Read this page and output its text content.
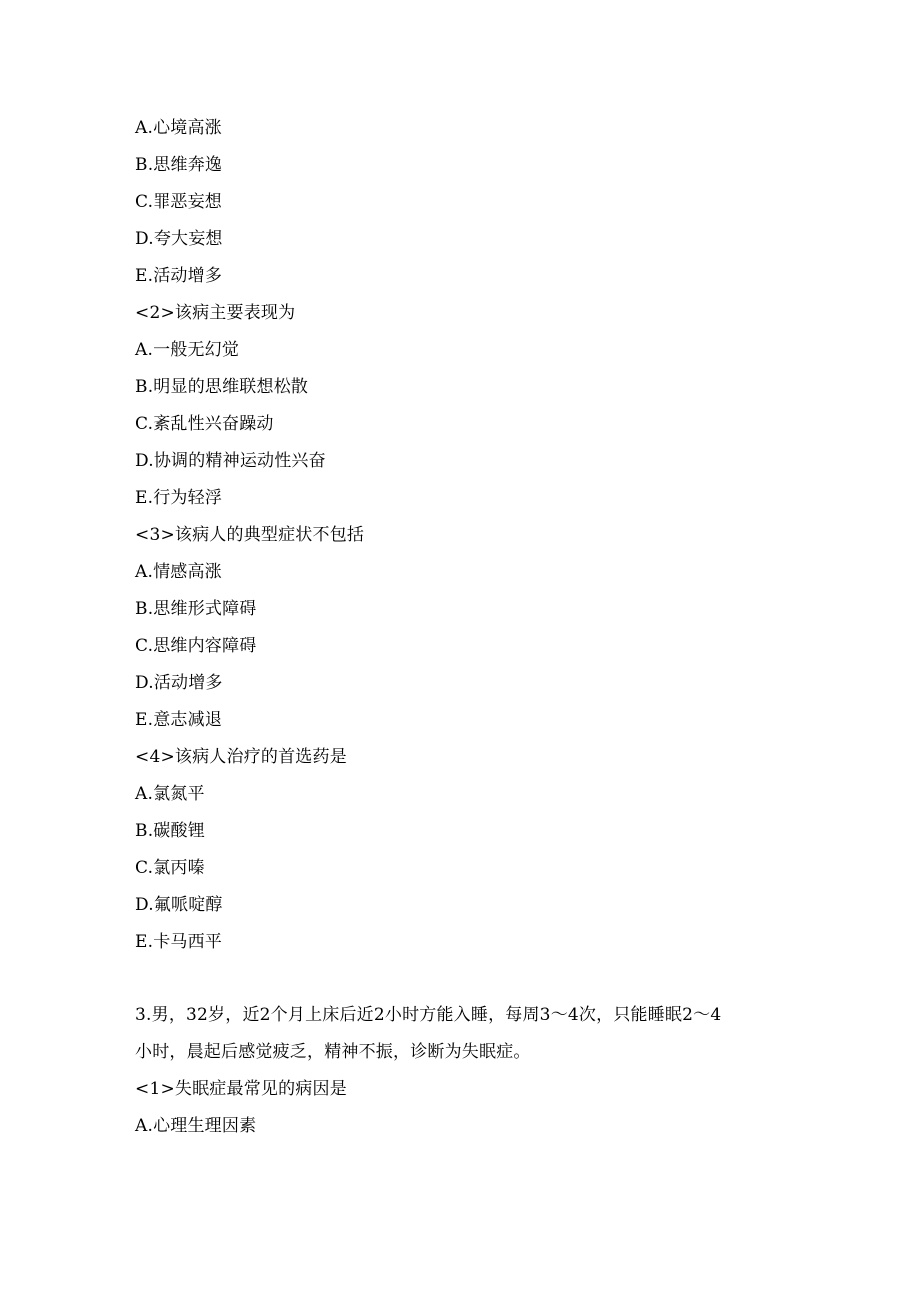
A.心境高涨
B.思维奔逸
C.罪恶妄想
D.夸大妄想
E.活动增多
<2>该病主要表现为
A.一般无幻觉
B.明显的思维联想松散
C.紊乱性兴奋躁动
D.协调的精神运动性兴奋
E.行为轻浮
<3>该病人的典型症状不包括
A.情感高涨
B.思维形式障碍
C.思维内容障碍
D.活动增多
E.意志减退
<4>该病人治疗的首选药是
A.氯氮平
B.碳酸锂
C.氯丙嗪
D.氟哌啶醇
E.卡马西平
3.男，32岁，近2个月上床后近2小时方能入睡，每周3～4次，只能睡眠2～4
小时，晨起后感觉疲乏，精神不振，诊断为失眠症。
<1>失眠症最常见的病因是
A.心理生理因素
